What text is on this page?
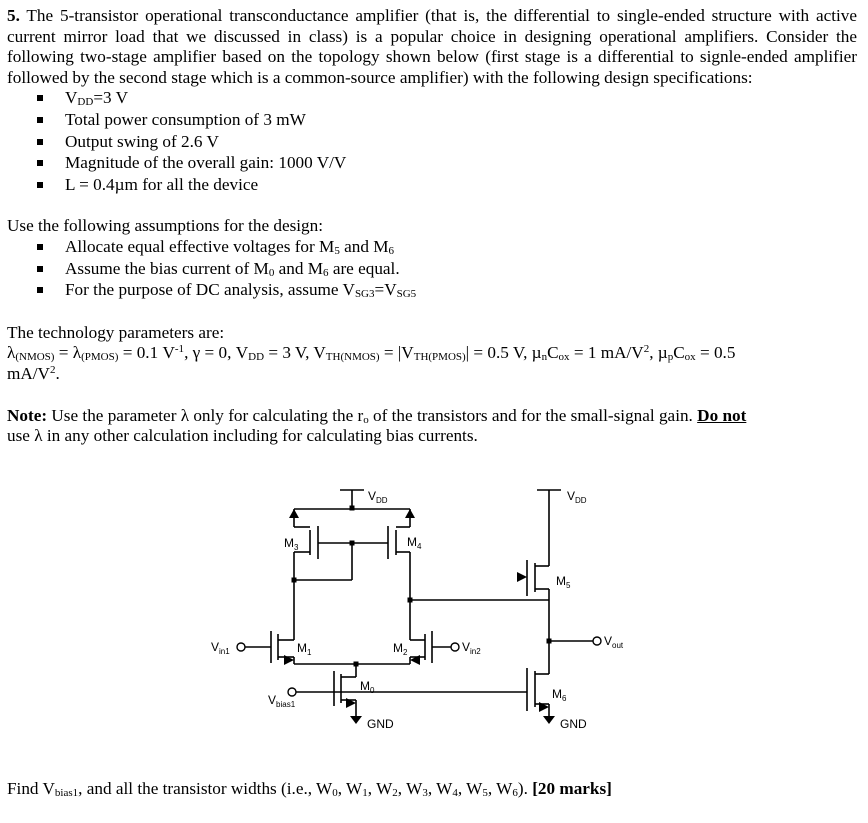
5. The 5-transistor operational transconductance amplifier (that is, the differential to single-ended structure with active current mirror load that we discussed in class) is a popular choice in designing operational amplifiers. Consider the following two-stage amplifier based on the topology shown below (first stage is a differential to signle-ended amplifier followed by the second stage which is a common-source amplifier) with the following design specifications:

$V_{DD}=3$ V
Total power consumption of 3 mW
Output swing of 2.6 V
Magnitude of the overall gain: 1000 V/V
L = 0.4µm for all the device

Use the following assumptions for the design:

Allocate equal effective voltages for $M_5$ and $M_6$
Assume the bias current of $M_0$ and $M_6$ are equal.
For the purpose of DC analysis, assume $V_{SG3}=V_{SG5}$

The technology parameters are:

$\lambda_{(NMOS)} = \lambda_{(PMOS)} = 0.1$ $V^{-1}$, γ = 0, $V_{DD} = 3$ V, $V_{TH(NMOS)} = |V_{TH(PMOS)}| = 0.5$ V, $\mu_nC_{ox} = 1$ $mA/V^2$, $\mu_pC_{ox} = 0.5$
$mA/V^2$.

Note: Use the parameter λ only for calculating the $r_o$ of the transistors and for the small-signal gain. Do not
use λ in any other calculation including for calculating bias currents.

$V_{DD}$	$V_{DD}$
$M_3$	$M_4$
$M_5$
$M_1$	$M_2$
$M_0$	$M_6$
$V_{in1}$	$V_{in2}$
$V_{out}$
$V_{bias1}$
GND	GND

Find $V_{bias1}$, and all the transistor widths (i.e., $W_0$, $W_1$, $W_2$, $W_3$, $W_4$, $W_5$, $W_6$). [20 marks]
